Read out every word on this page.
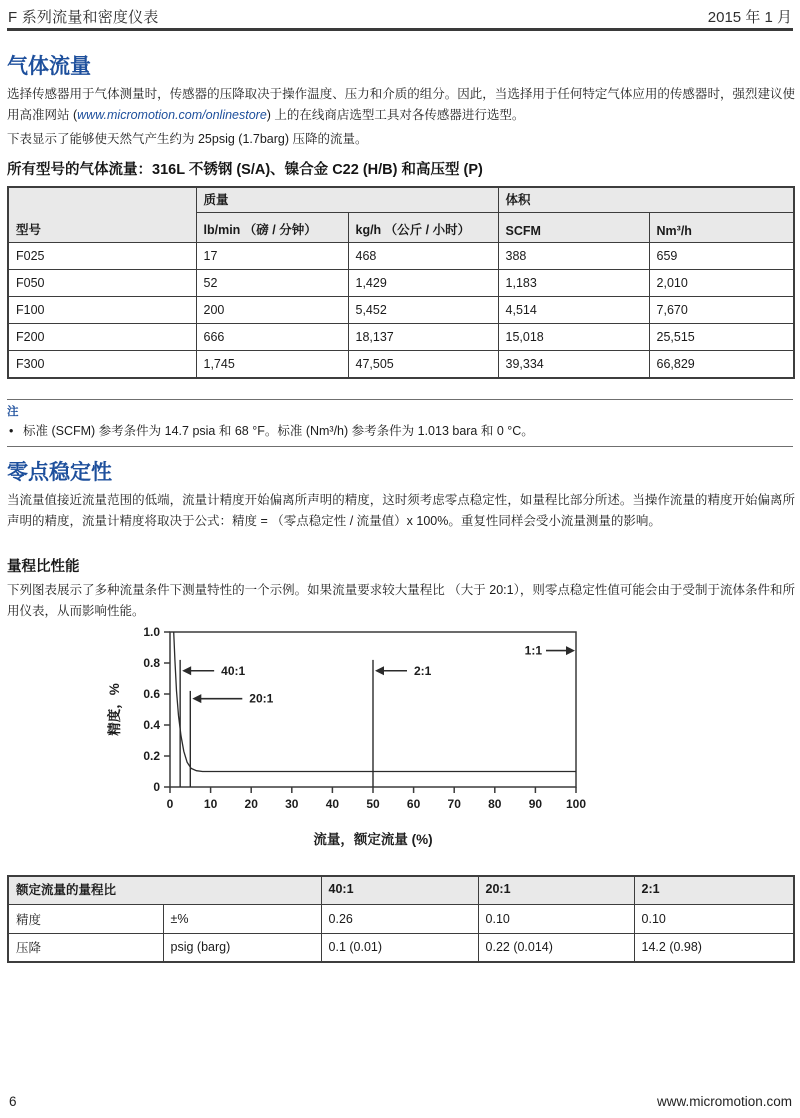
F 系列流量和密度仪表	2015 年 1 月
气体流量

选择传感器用于气体测量时，传感器的压降取决于操作温度、压力和介质的组分。因此，当选择用于任何特定气体应用的传感器时，强烈建议使用高准网站 (www.micromotion.com/onlinestore) 上的在线商店选型工具对各传感器进行选型。

下表显示了能够使天然气产生约为 25psig (1.7barg) 压降的流量。

所有型号的气体流量：316L 不锈钢 (S/A)、镍合金 C22 (H/B) 和高压型 (P)
型号	质量		体积	
	lb/min （磅 / 分钟）	kg/h （公斤 / 小时）	SCFM	Nm³/h
F025	17	468	388	659
F050	52	1,429	1,183	2,010
F100	200	5,452	4,514	7,670
F200	666	18,137	15,018	25,515
F300	1,745	47,505	39,334	66,829
注
• 标准 (SCFM) 参考条件为 14.7 psia 和 68 °F。标准 (Nm³/h) 参考条件为 1.013 bara 和 0 °C。
零点稳定性

当流量值接近流量范围的低端，流量计精度开始偏离所声明的精度，这时须考虑零点稳定性，如量程比部分所述。当操作流量的精度开始偏离所声明的精度，流量计精度将取决于公式：精度 = （零点稳定性 / 流量值）x 100%。重复性同样会受小流量测量的影响。

量程比性能

下列图表展示了多种流量条件下测量特性的一个示例。如果流量要求较大量程比 （大于 20:1），则零点稳定性值可能会由于受制于流体条件和所用仪表，从而影响性能。

0
0.2
0.4
0.6
0.8
1.0
0	10 20 30 40 50 60 70 80 90 100
40:1
20:1
2:1
1:1
流量，额定流量 (%)
精度，%
额定流量的量程比		40:1	20:1	2:1
精度	±%	0.26	0.10	0.10
压降	psig (barg)	0.1 (0.01)	0.22 (0.014)	14.2 (0.98)
6	www.micromotion.com
